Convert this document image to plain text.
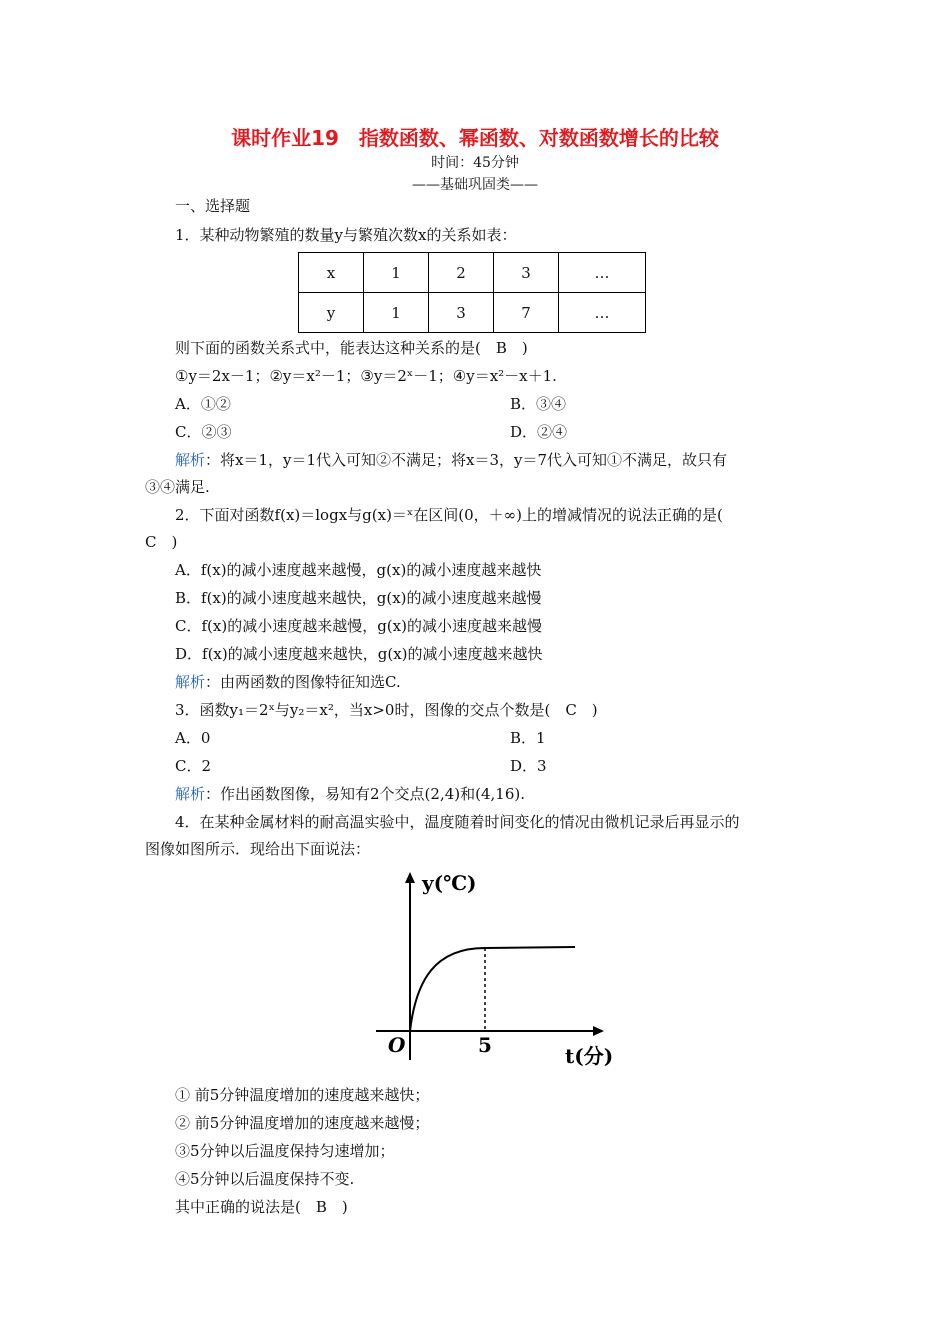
课时作业19　指数函数、幂函数、对数函数增长的比较
时间：45分钟
——基础巩固类——
一、选择题
1．某种动物繁殖的数量y与繁殖次数x的关系如表：
x	1	2	3	…
y	1	3	7	…
则下面的函数关系式中，能表达这种关系的是(　B　)
①y＝2x－1；②y＝x²－1；③y＝2ˣ－1；④y＝x²－x＋1.
A．①②	B．③④
C．②③	D．②④
解析：将x＝1，y＝1代入可知②不满足；将x＝3，y＝7代入可知①不满足，故只有
③④满足.
2．下面对函数f(x)＝logx与g(x)＝ˣ在区间(0，＋∞)上的增减情况的说法正确的是(
C　)
A．f(x)的减小速度越来越慢，g(x)的减小速度越来越快
B．f(x)的减小速度越来越快，g(x)的减小速度越来越慢
C．f(x)的减小速度越来越慢，g(x)的减小速度越来越慢
D．f(x)的减小速度越来越快，g(x)的减小速度越来越快
解析：由两函数的图像特征知选C.
3．函数y₁＝2ˣ与y₂＝x²，当x>0时，图像的交点个数是(　C　)
A．0	B．1
C．2	D．3
解析：作出函数图像，易知有2个交点(2,4)和(4,16).
4．在某种金属材料的耐高温实验中，温度随着时间变化的情况由微机记录后再显示的
图像如图所示．现给出下面说法：
y(℃)
O	5	t(分)
① 前5分钟温度增加的速度越来越快；
② 前5分钟温度增加的速度越来越慢；
③5分钟以后温度保持匀速增加；
④5分钟以后温度保持不变.
其中正确的说法是(　B　)
